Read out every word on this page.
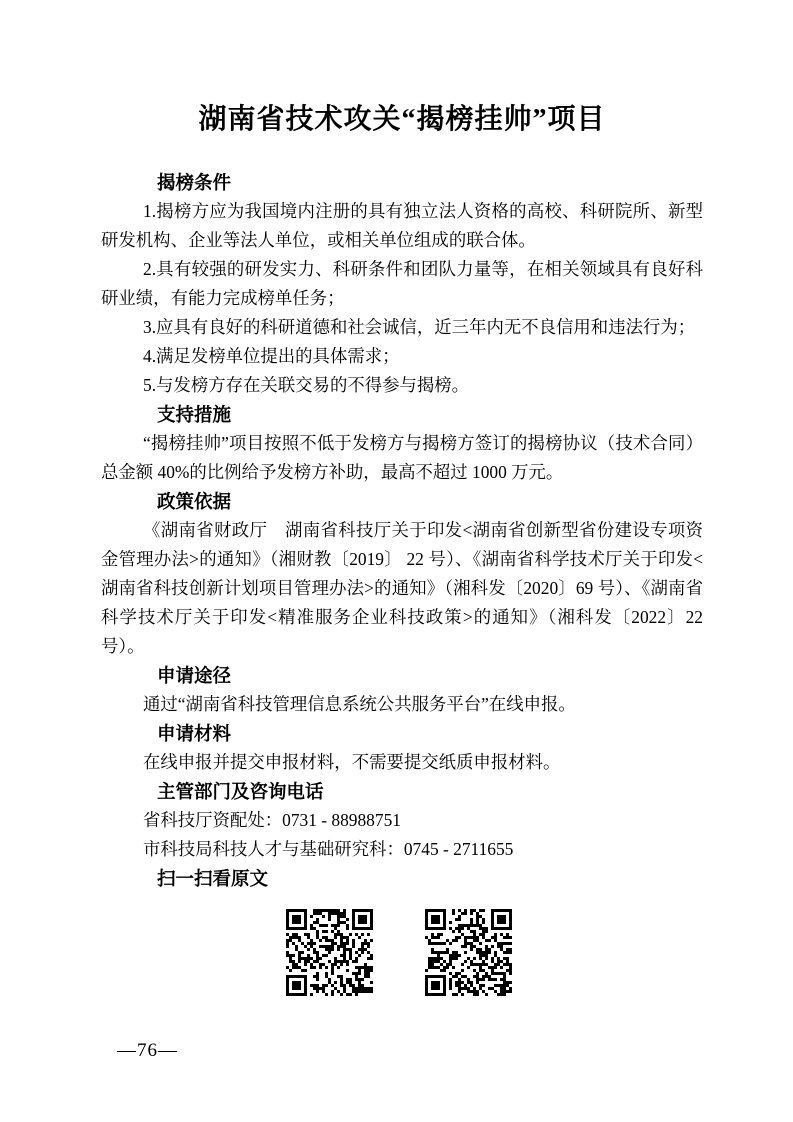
湖南省技术攻关“揭榜挂帅”项目
揭榜条件

1.揭榜方应为我国境内注册的具有独立法人资格的高校、科研院所、新型研发机构、企业等法人单位，或相关单位组成的联合体。

2.具有较强的研发实力、科研条件和团队力量等，在相关领域具有良好科研业绩，有能力完成榜单任务；

3.应具有良好的科研道德和社会诚信，近三年内无不良信用和违法行为；

4.满足发榜单位提出的具体需求；

5.与发榜方存在关联交易的不得参与揭榜。

支持措施

“揭榜挂帅”项目按照不低于发榜方与揭榜方签订的揭榜协议（技术合同）总金额 40%的比例给予发榜方补助，最高不超过 1000 万元。

政策依据

《湖南省财政厅　湖南省科技厅关于印发<湖南省创新型省份建设专项资金管理办法>的通知》（湘财教〔2019〕 22 号）、《湖南省科学技术厅关于印发<湖南省科技创新计划项目管理办法>的通知》（湘科发〔2020〕69 号）、《湖南省科学技术厅关于印发<精准服务企业科技政策>的通知》（湘科发〔2022〕22 号）。

申请途径

通过“湖南省科技管理信息系统公共服务平台”在线申报。

申请材料

在线申报并提交申报材料，不需要提交纸质申报材料。

主管部门及咨询电话

省科技厅资配处：0731 - 88988751

市科技局科技人才与基础研究科：0745 - 2711655

扫一扫看原文
—76—
